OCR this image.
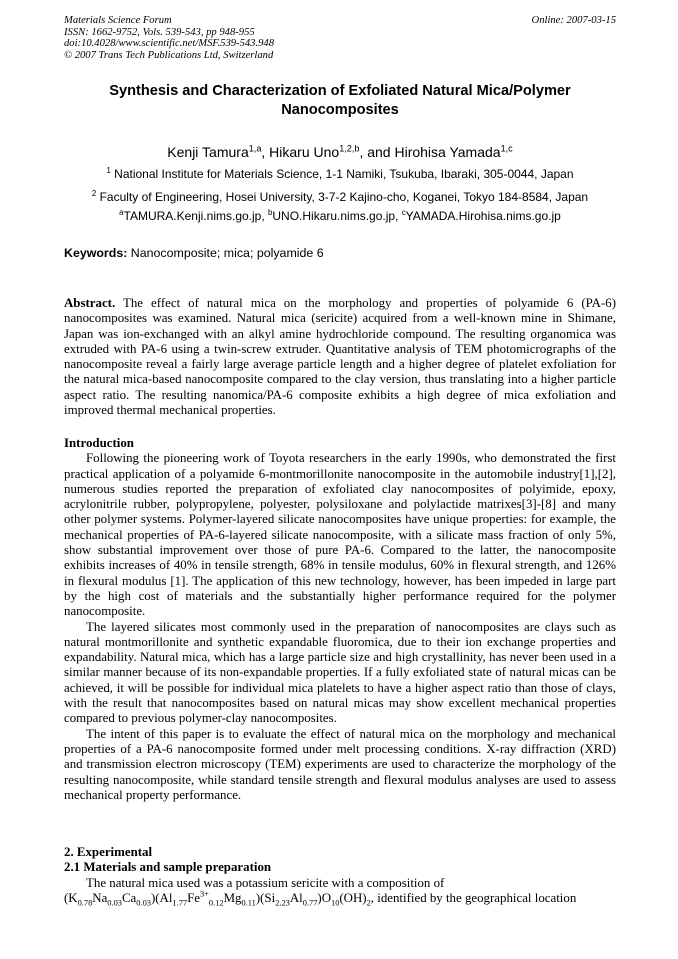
Materials Science Forum
ISSN: 1662-9752, Vols. 539-543, pp 948-955
doi:10.4028/www.scientific.net/MSF.539-543.948
© 2007 Trans Tech Publications Ltd, Switzerland
Online: 2007-03-15
Synthesis and Characterization of Exfoliated Natural Mica/Polymer
Nanocomposites
Kenji Tamura$^{1,a}$, Hikaru Uno$^{1,2,b}$, and Hirohisa Yamada$^{1,c}$
$^1$ National Institute for Materials Science, 1-1 Namiki, Tsukuba, Ibaraki, 305-0044, Japan
$^2$ Faculty of Engineering, Hosei University, 3-7-2 Kajino-cho, Koganei, Tokyo 184-8584, Japan
$^a$TAMURA.Kenji.nims.go.jp, $^b$UNO.Hikaru.nims.go.jp, $^c$YAMADA.Hirohisa.nims.go.jp
Keywords: Nanocomposite; mica; polyamide 6

Abstract. The effect of natural mica on the morphology and properties of polyamide 6 (PA-6) nanocomposites was examined. Natural mica (sericite) acquired from a well-known mine in Shimane, Japan was ion-exchanged with an alkyl amine hydrochloride compound. The resulting organomica was extruded with PA-6 using a twin-screw extruder. Quantitative analysis of TEM photomicrographs of the nanocomposite reveal a fairly large average particle length and a higher degree of platelet exfoliation for the natural mica-based nanocomposite compared to the clay version, thus translating into a higher particle aspect ratio. The resulting nanomica/PA-6 composite exhibits a high degree of mica exfoliation and improved thermal mechanical properties.

Introduction

Following the pioneering work of Toyota researchers in the early 1990s, who demonstrated the first practical application of a polyamide 6-montmorillonite nanocomposite in the automobile industry[1],[2], numerous studies reported the preparation of exfoliated clay nanocomposites of polyimide, epoxy, acrylonitrile rubber, polypropylene, polyester, polysiloxane and polylactide matrixes[3]-[8] and many other polymer systems. Polymer-layered silicate nanocomposites have unique properties: for example, the mechanical properties of PA-6-layered silicate nanocomposite, with a silicate mass fraction of only 5%, show substantial improvement over those of pure PA-6. Compared to the latter, the nanocomposite exhibits increases of 40% in tensile strength, 68% in tensile modulus, 60% in flexural strength, and 126% in flexural modulus [1]. The application of this new technology, however, has been impeded in large part by the high cost of materials and the substantially higher performance required for the polymer nanocomposite.

The layered silicates most commonly used in the preparation of nanocomposites are clays such as natural montmorillonite and synthetic expandable fluoromica, due to their ion exchange properties and expandability. Natural mica, which has a large particle size and high crystallinity, has never been used in a similar manner because of its non-expandable properties. If a fully exfoliated state of natural micas can be achieved, it will be possible for individual mica platelets to have a higher aspect ratio than those of clays, with the result that nanocomposites based on natural micas may show excellent mechanical properties compared to previous polymer-clay nanocomposites.

The intent of this paper is to evaluate the effect of natural mica on the morphology and mechanical properties of a PA-6 nanocomposite formed under melt processing conditions. X-ray diffraction (XRD) and transmission electron microscopy (TEM) experiments are used to characterize the morphology of the resulting nanocomposite, while standard tensile strength and flexural modulus analyses are used to assess mechanical property performance.

2. Experimental

2.1 Materials and sample preparation

The natural mica used was a potassium sericite with a composition of

$(K_{0.78}Na_{0.03}Ca_{0.03})(Al_{1.77}Fe^{3+}_{0.12}Mg_{0.11})(Si_{2.23}Al_{0.77})O_{10}(OH)_2$, identified by the geographical location
